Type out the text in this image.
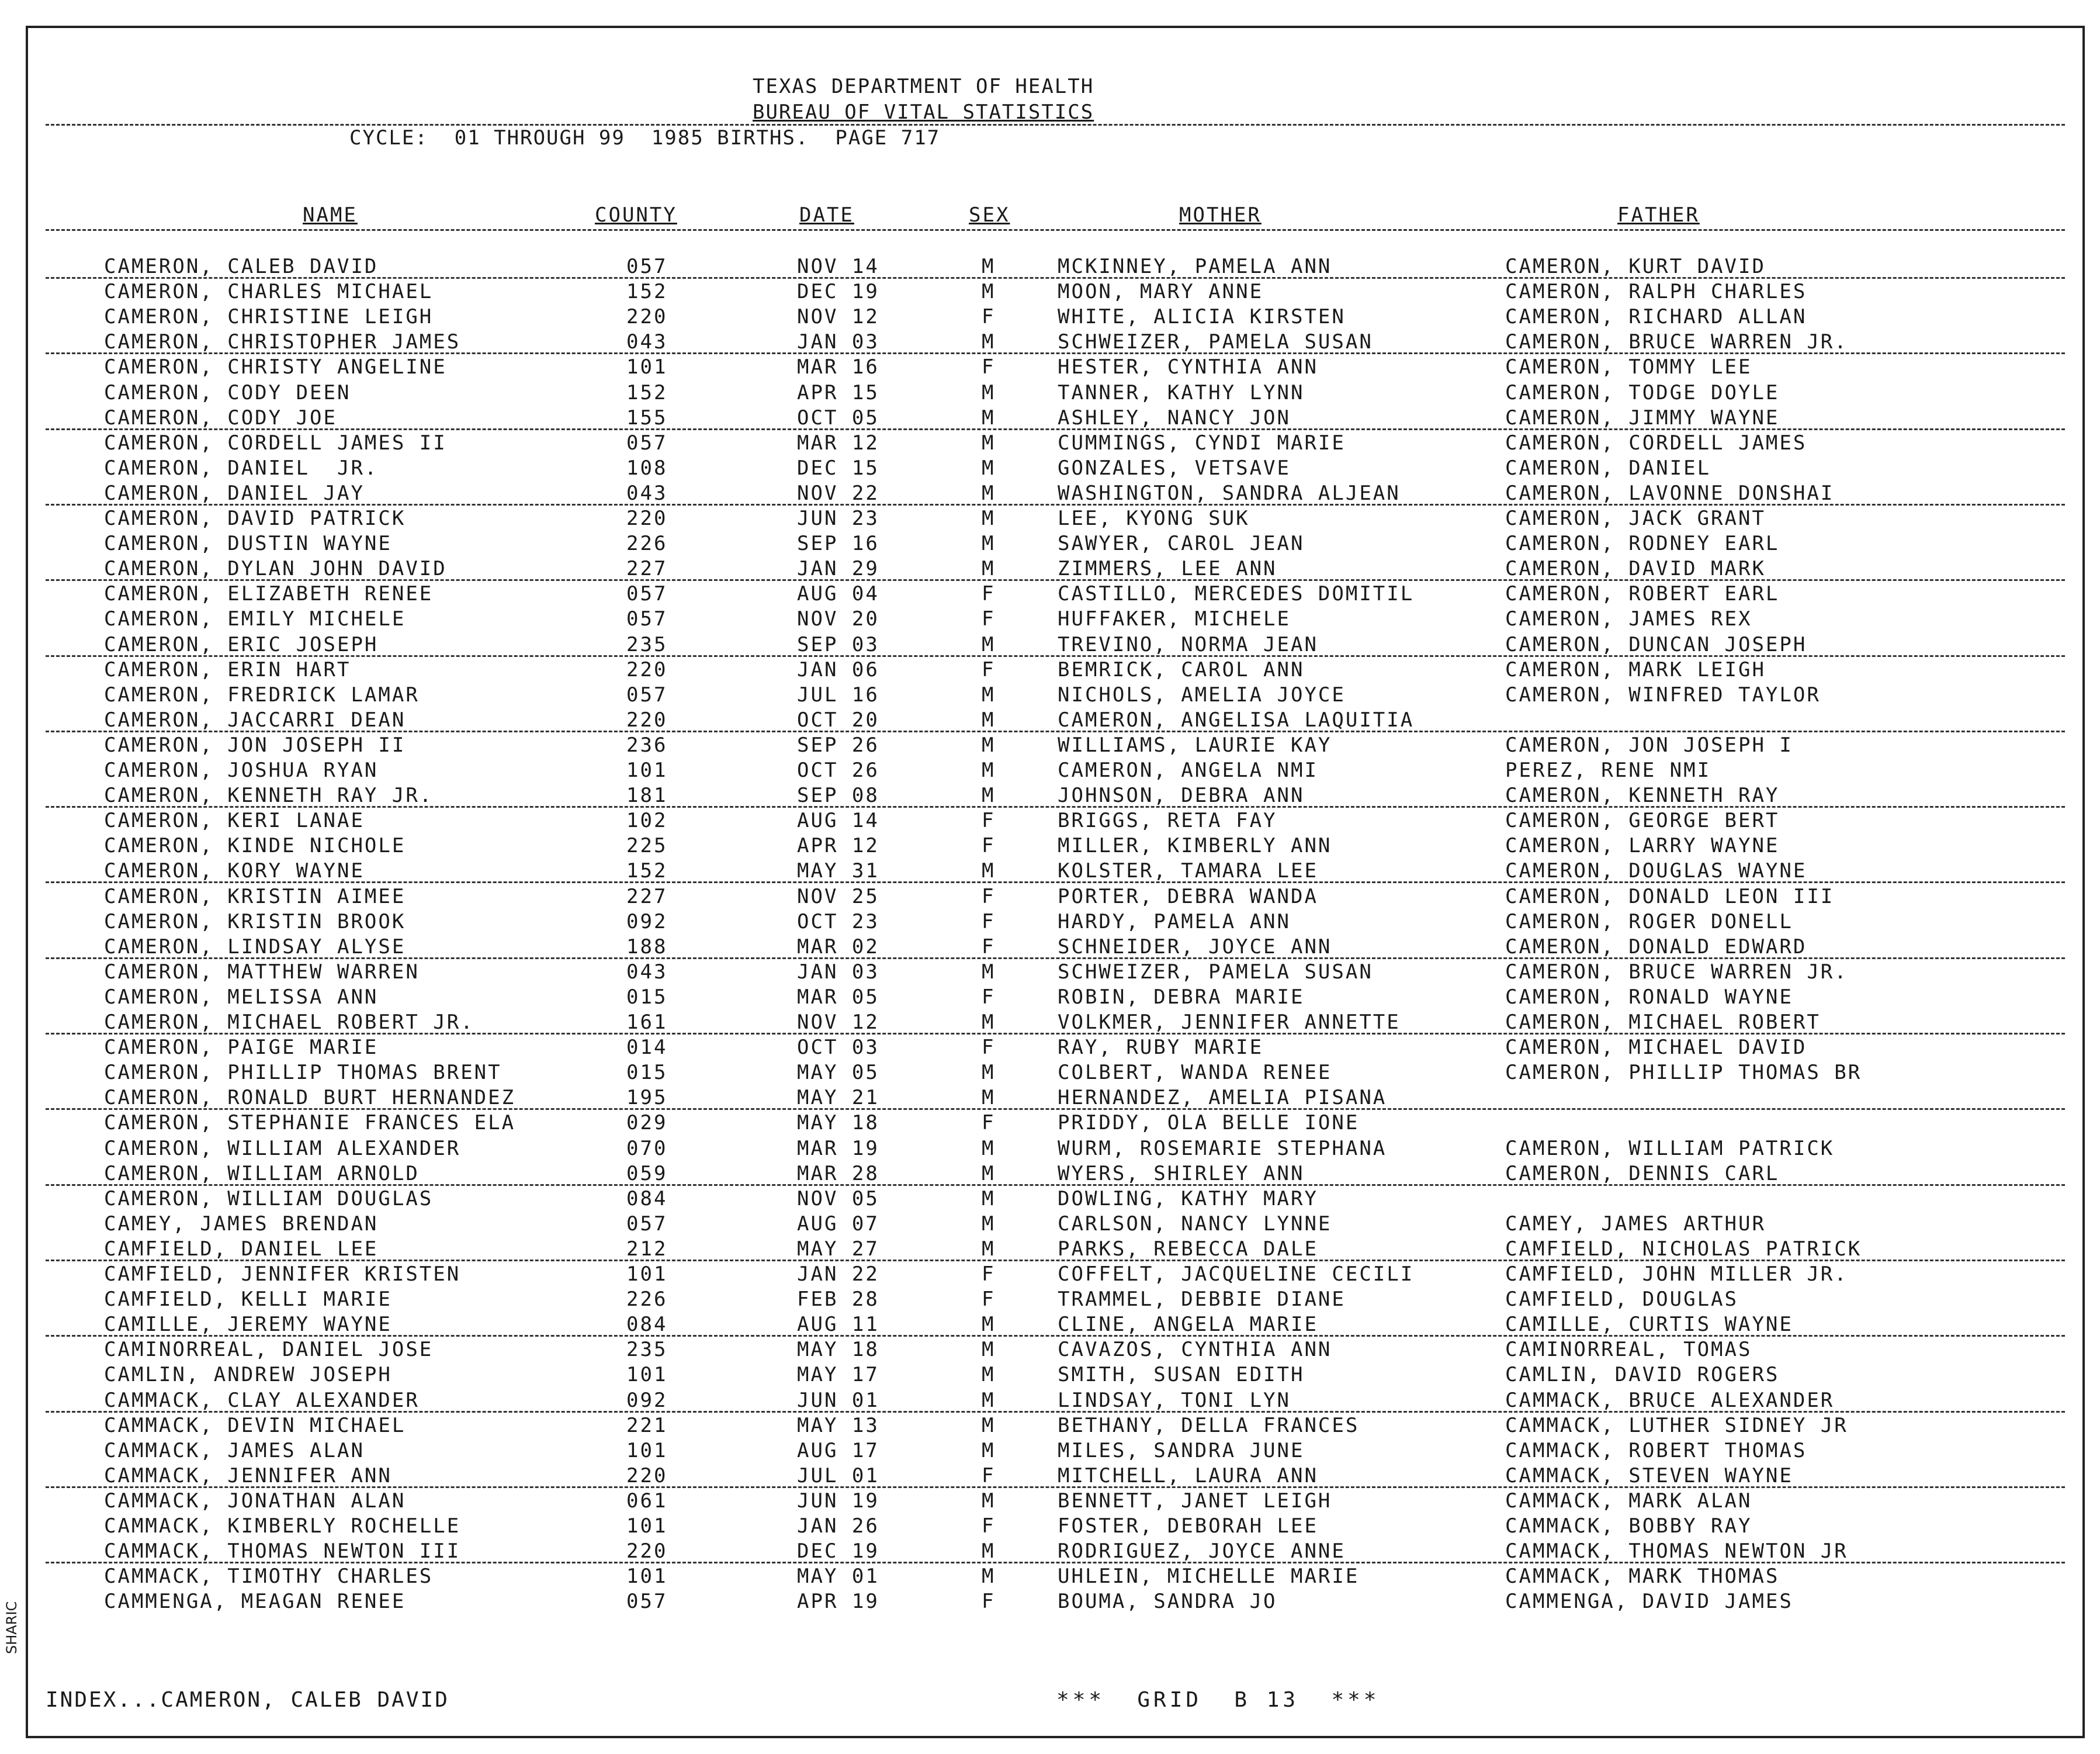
TEXAS DEPARTMENT OF HEALTH
BUREAU OF VITAL STATISTICS
CYCLE:  01 THROUGH 99  1985 BIRTHS.  PAGE 717
NAME	COUNTY	DATE	SEX	MOTHER	FATHER
CAMERON, CALEB DAVID	057	NOV 14	M	MCKINNEY, PAMELA ANN	CAMERON, KURT DAVID
CAMERON, CHARLES MICHAEL	152	DEC 19	M	MOON, MARY ANNE	CAMERON, RALPH CHARLES
CAMERON, CHRISTINE LEIGH	220	NOV 12	F	WHITE, ALICIA KIRSTEN	CAMERON, RICHARD ALLAN
CAMERON, CHRISTOPHER JAMES	043	JAN 03	M	SCHWEIZER, PAMELA SUSAN	CAMERON, BRUCE WARREN JR.
CAMERON, CHRISTY ANGELINE	101	MAR 16	F	HESTER, CYNTHIA ANN	CAMERON, TOMMY LEE
CAMERON, CODY DEEN	152	APR 15	M	TANNER, KATHY LYNN	CAMERON, TODGE DOYLE
CAMERON, CODY JOE	155	OCT 05	M	ASHLEY, NANCY JON	CAMERON, JIMMY WAYNE
CAMERON, CORDELL JAMES II	057	MAR 12	M	CUMMINGS, CYNDI MARIE	CAMERON, CORDELL JAMES
CAMERON, DANIEL  JR.	108	DEC 15	M	GONZALES, VETSAVE	CAMERON, DANIEL
CAMERON, DANIEL JAY	043	NOV 22	M	WASHINGTON, SANDRA ALJEAN	CAMERON, LAVONNE DONSHAI
CAMERON, DAVID PATRICK	220	JUN 23	M	LEE, KYONG SUK	CAMERON, JACK GRANT
CAMERON, DUSTIN WAYNE	226	SEP 16	M	SAWYER, CAROL JEAN	CAMERON, RODNEY EARL
CAMERON, DYLAN JOHN DAVID	227	JAN 29	M	ZIMMERS, LEE ANN	CAMERON, DAVID MARK
CAMERON, ELIZABETH RENEE	057	AUG 04	F	CASTILLO, MERCEDES DOMITIL	CAMERON, ROBERT EARL
CAMERON, EMILY MICHELE	057	NOV 20	F	HUFFAKER, MICHELE	CAMERON, JAMES REX
CAMERON, ERIC JOSEPH	235	SEP 03	M	TREVINO, NORMA JEAN	CAMERON, DUNCAN JOSEPH
CAMERON, ERIN HART	220	JAN 06	F	BEMRICK, CAROL ANN	CAMERON, MARK LEIGH
CAMERON, FREDRICK LAMAR	057	JUL 16	M	NICHOLS, AMELIA JOYCE	CAMERON, WINFRED TAYLOR
CAMERON, JACCARRI DEAN	220	OCT 20	M	CAMERON, ANGELISA LAQUITIA
CAMERON, JON JOSEPH II	236	SEP 26	M	WILLIAMS, LAURIE KAY	CAMERON, JON JOSEPH I
CAMERON, JOSHUA RYAN	101	OCT 26	M	CAMERON, ANGELA NMI	PEREZ, RENE NMI
CAMERON, KENNETH RAY JR.	181	SEP 08	M	JOHNSON, DEBRA ANN	CAMERON, KENNETH RAY
CAMERON, KERI LANAE	102	AUG 14	F	BRIGGS, RETA FAY	CAMERON, GEORGE BERT
CAMERON, KINDE NICHOLE	225	APR 12	F	MILLER, KIMBERLY ANN	CAMERON, LARRY WAYNE
CAMERON, KORY WAYNE	152	MAY 31	M	KOLSTER, TAMARA LEE	CAMERON, DOUGLAS WAYNE
CAMERON, KRISTIN AIMEE	227	NOV 25	F	PORTER, DEBRA WANDA	CAMERON, DONALD LEON III
CAMERON, KRISTIN BROOK	092	OCT 23	F	HARDY, PAMELA ANN	CAMERON, ROGER DONELL
CAMERON, LINDSAY ALYSE	188	MAR 02	F	SCHNEIDER, JOYCE ANN	CAMERON, DONALD EDWARD
CAMERON, MATTHEW WARREN	043	JAN 03	M	SCHWEIZER, PAMELA SUSAN	CAMERON, BRUCE WARREN JR.
CAMERON, MELISSA ANN	015	MAR 05	F	ROBIN, DEBRA MARIE	CAMERON, RONALD WAYNE
CAMERON, MICHAEL ROBERT JR.	161	NOV 12	M	VOLKMER, JENNIFER ANNETTE	CAMERON, MICHAEL ROBERT
CAMERON, PAIGE MARIE	014	OCT 03	F	RAY, RUBY MARIE	CAMERON, MICHAEL DAVID
CAMERON, PHILLIP THOMAS BRENT	015	MAY 05	M	COLBERT, WANDA RENEE	CAMERON, PHILLIP THOMAS BR
CAMERON, RONALD BURT HERNANDEZ	195	MAY 21	M	HERNANDEZ, AMELIA PISANA
CAMERON, STEPHANIE FRANCES ELA	029	MAY 18	F	PRIDDY, OLA BELLE IONE
CAMERON, WILLIAM ALEXANDER	070	MAR 19	M	WURM, ROSEMARIE STEPHANA	CAMERON, WILLIAM PATRICK
CAMERON, WILLIAM ARNOLD	059	MAR 28	M	WYERS, SHIRLEY ANN	CAMERON, DENNIS CARL
CAMERON, WILLIAM DOUGLAS	084	NOV 05	M	DOWLING, KATHY MARY
CAMEY, JAMES BRENDAN	057	AUG 07	M	CARLSON, NANCY LYNNE	CAMEY, JAMES ARTHUR
CAMFIELD, DANIEL LEE	212	MAY 27	M	PARKS, REBECCA DALE	CAMFIELD, NICHOLAS PATRICK
CAMFIELD, JENNIFER KRISTEN	101	JAN 22	F	COFFELT, JACQUELINE CECILI	CAMFIELD, JOHN MILLER JR.
CAMFIELD, KELLI MARIE	226	FEB 28	F	TRAMMEL, DEBBIE DIANE	CAMFIELD, DOUGLAS
CAMILLE, JEREMY WAYNE	084	AUG 11	M	CLINE, ANGELA MARIE	CAMILLE, CURTIS WAYNE
CAMINORREAL, DANIEL JOSE	235	MAY 18	M	CAVAZOS, CYNTHIA ANN	CAMINORREAL, TOMAS
CAMLIN, ANDREW JOSEPH	101	MAY 17	M	SMITH, SUSAN EDITH	CAMLIN, DAVID ROGERS
CAMMACK, CLAY ALEXANDER	092	JUN 01	M	LINDSAY, TONI LYN	CAMMACK, BRUCE ALEXANDER
CAMMACK, DEVIN MICHAEL	221	MAY 13	M	BETHANY, DELLA FRANCES	CAMMACK, LUTHER SIDNEY JR
CAMMACK, JAMES ALAN	101	AUG 17	M	MILES, SANDRA JUNE	CAMMACK, ROBERT THOMAS
CAMMACK, JENNIFER ANN	220	JUL 01	F	MITCHELL, LAURA ANN	CAMMACK, STEVEN WAYNE
CAMMACK, JONATHAN ALAN	061	JUN 19	M	BENNETT, JANET LEIGH	CAMMACK, MARK ALAN
CAMMACK, KIMBERLY ROCHELLE	101	JAN 26	F	FOSTER, DEBORAH LEE	CAMMACK, BOBBY RAY
CAMMACK, THOMAS NEWTON III	220	DEC 19	M	RODRIGUEZ, JOYCE ANNE	CAMMACK, THOMAS NEWTON JR
CAMMACK, TIMOTHY CHARLES	101	MAY 01	M	UHLEIN, MICHELLE MARIE	CAMMACK, MARK THOMAS
CAMMENGA, MEAGAN RENEE	057	APR 19	F	BOUMA, SANDRA JO	CAMMENGA, DAVID JAMES
INDEX...CAMERON, CALEB DAVID	***  GRID  B 13  ***
SHARIC
